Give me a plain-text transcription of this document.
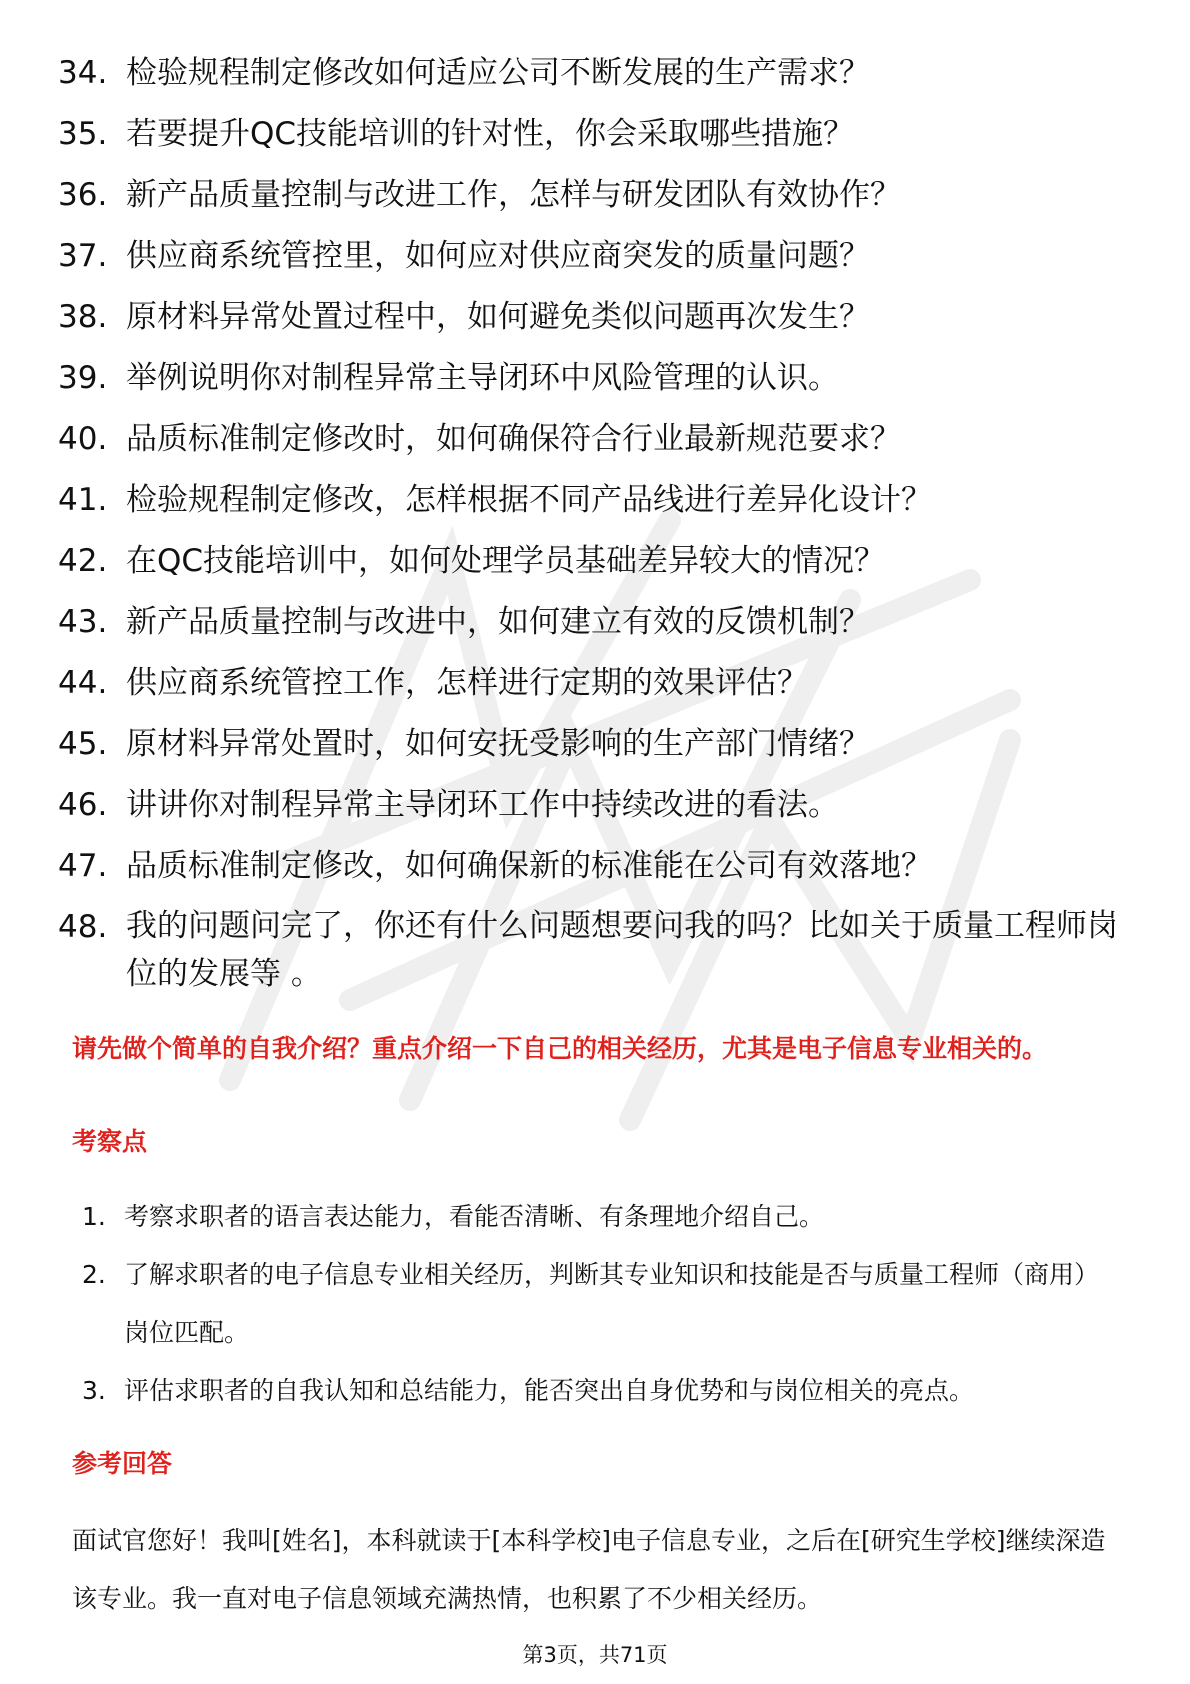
34. 检验规程制定修改如何适应公司不断发展的生产需求？
35. 若要提升QC技能培训的针对性，你会采取哪些措施？
36. 新产品质量控制与改进工作，怎样与研发团队有效协作？
37. 供应商系统管控里，如何应对供应商突发的质量问题？
38. 原材料异常处置过程中，如何避免类似问题再次发生？
39. 举例说明你对制程异常主导闭环中风险管理的认识。
40. 品质标准制定修改时，如何确保符合行业最新规范要求？
41. 检验规程制定修改，怎样根据不同产品线进行差异化设计？
42. 在QC技能培训中，如何处理学员基础差异较大的情况？
43. 新产品质量控制与改进中，如何建立有效的反馈机制？
44. 供应商系统管控工作，怎样进行定期的效果评估？
45. 原材料异常处置时，如何安抚受影响的生产部门情绪？
46. 讲讲你对制程异常主导闭环工作中持续改进的看法。
47. 品质标准制定修改，如何确保新的标准能在公司有效落地？
48. 我的问题问完了，你还有什么问题想要问我的吗？比如关于质量工程师岗位的发展等 。
请先做个简单的自我介绍？重点介绍一下自己的相关经历，尤其是电子信息专业相关的。
考察点
1. 考察求职者的语言表达能力，看能否清晰、有条理地介绍自己。
2. 了解求职者的电子信息专业相关经历，判断其专业知识和技能是否与质量工程师（商用）岗位匹配。
3. 评估求职者的自我认知和总结能力，能否突出自身优势和与岗位相关的亮点。
参考回答
面试官您好！我叫[姓名]，本科就读于[本科学校]电子信息专业，之后在[研究生学校]继续深造该专业。我一直对电子信息领域充满热情，也积累了不少相关经历。
第3页，共71页
